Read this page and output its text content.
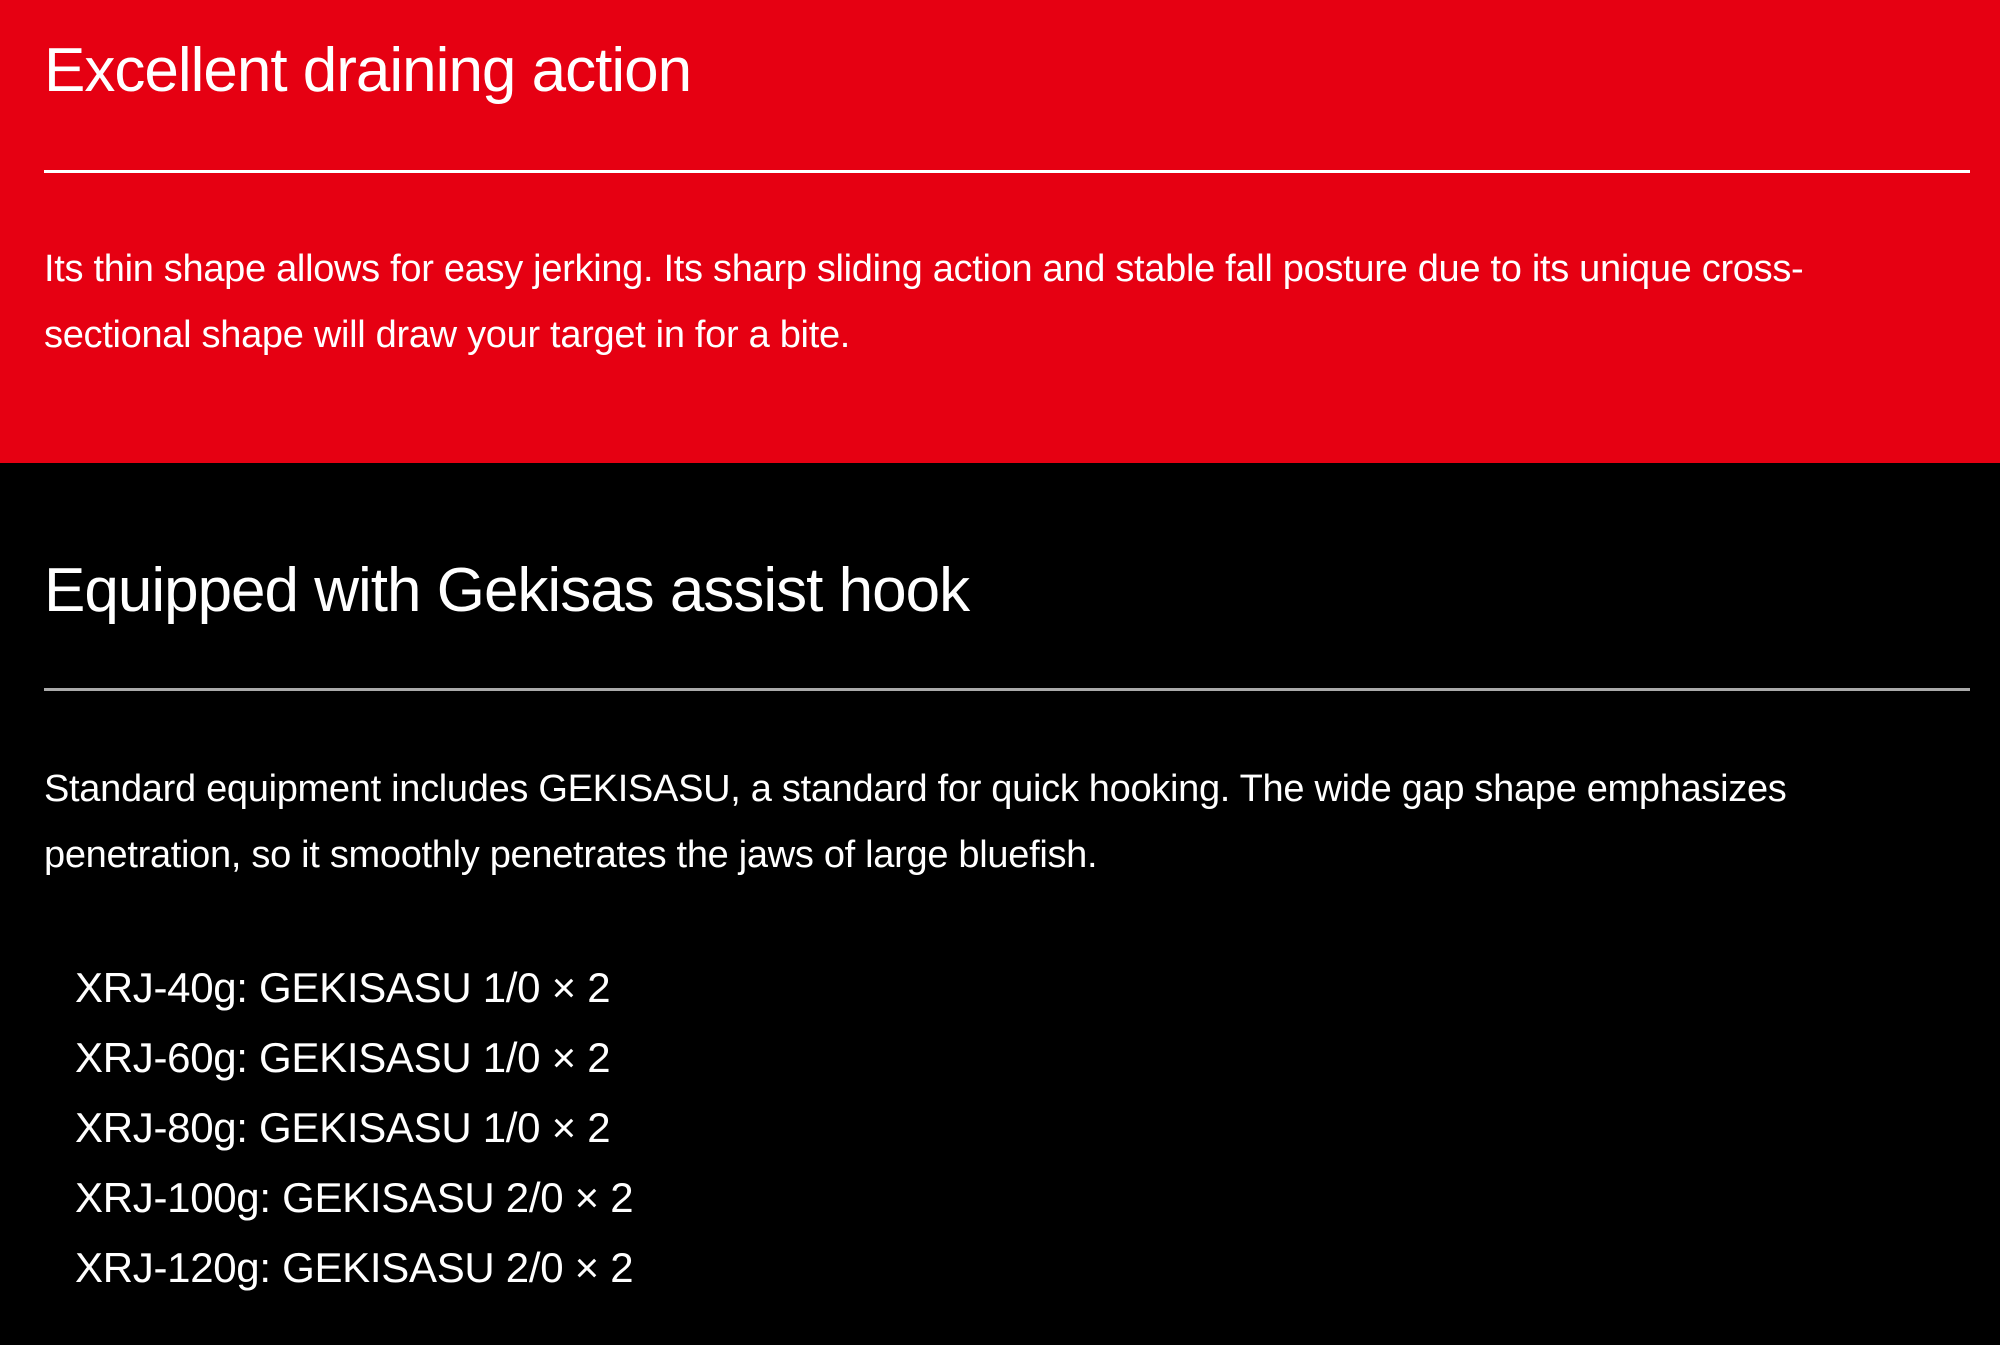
Excellent draining action

Its thin shape allows for easy jerking. Its sharp sliding action and stable fall posture due to its unique cross-sectional shape will draw your target in for a bite.

Equipped with Gekisas assist hook

Standard equipment includes GEKISASU, a standard for quick hooking. The wide gap shape emphasizes penetration, so it smoothly penetrates the jaws of large bluefish.

XRJ-40g: GEKISASU 1/0 × 2
XRJ-60g: GEKISASU 1/0 × 2
XRJ-80g: GEKISASU 1/0 × 2
XRJ-100g: GEKISASU 2/0 × 2
XRJ-120g: GEKISASU 2/0 × 2
